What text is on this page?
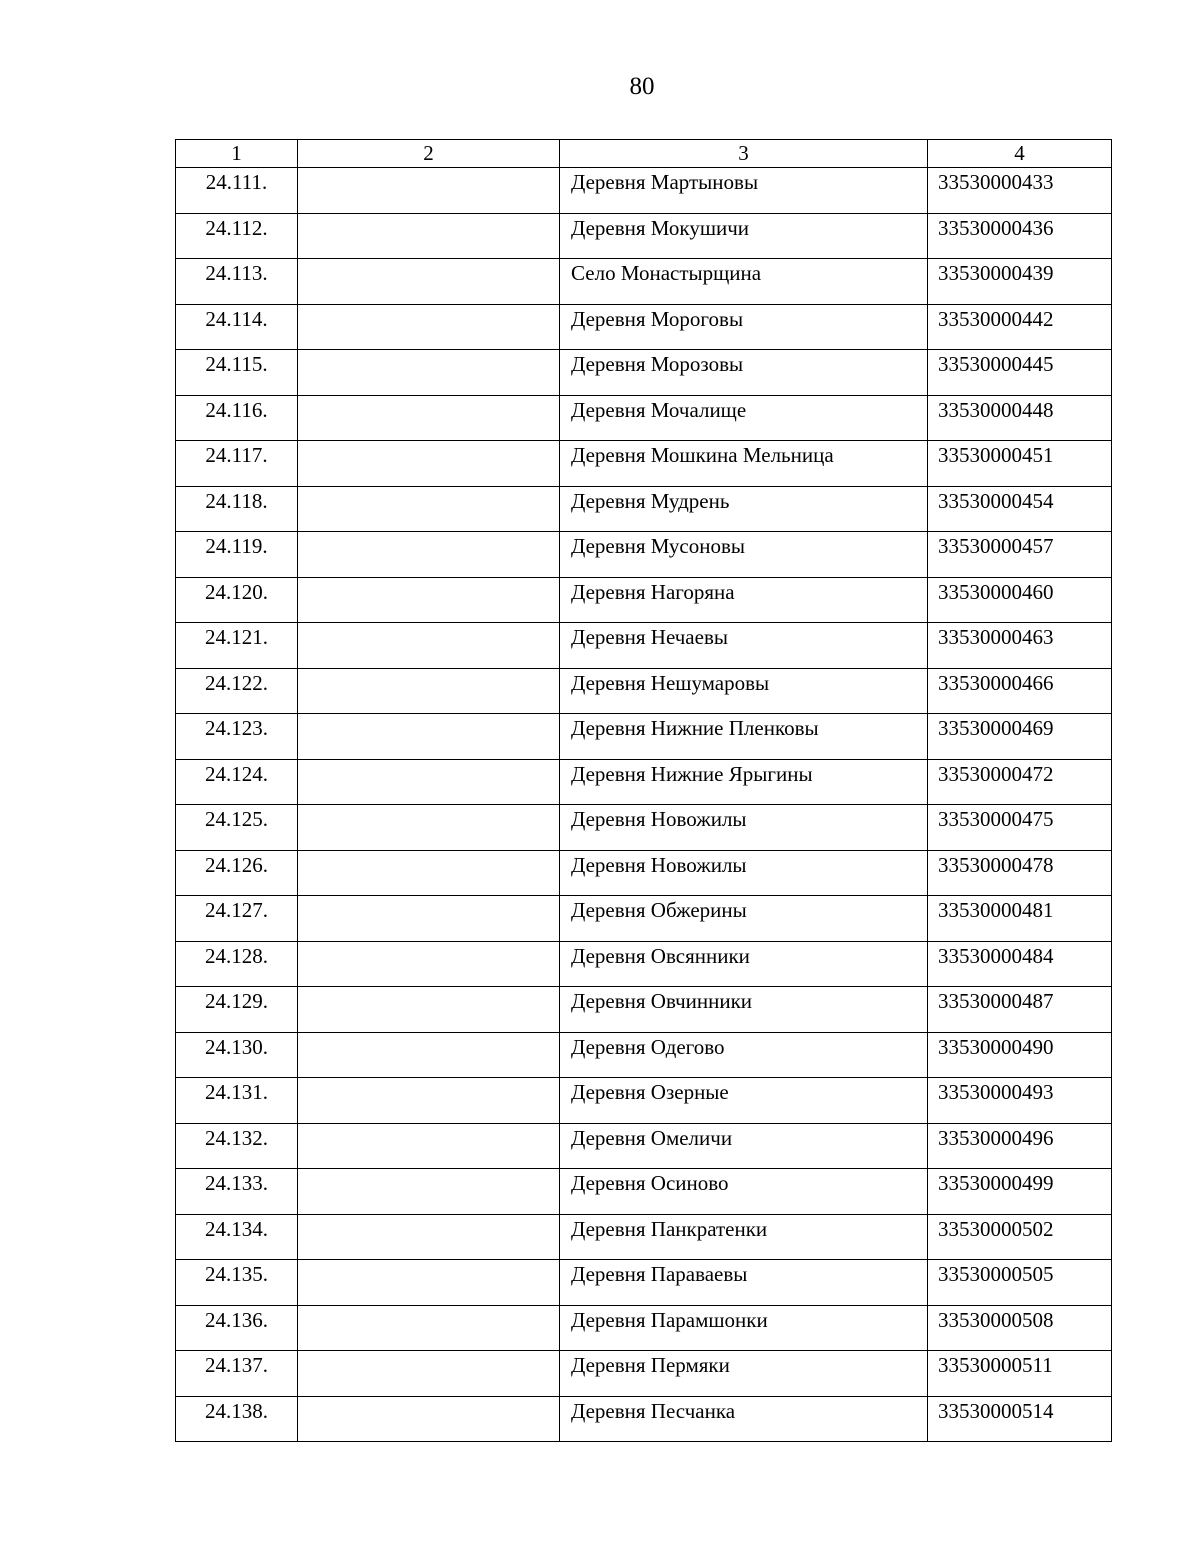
80
1	2	3	4
24.111.		Деревня Мартыновы	33530000433
24.112.		Деревня Мокушичи	33530000436
24.113.		Село Монастырщина	33530000439
24.114.		Деревня Мороговы	33530000442
24.115.		Деревня Морозовы	33530000445
24.116.		Деревня Мочалище	33530000448
24.117.		Деревня Мошкина Мельница	33530000451
24.118.		Деревня Мудрень	33530000454
24.119.		Деревня Мусоновы	33530000457
24.120.		Деревня Нагоряна	33530000460
24.121.		Деревня Нечаевы	33530000463
24.122.		Деревня Нешумаровы	33530000466
24.123.		Деревня Нижние Пленковы	33530000469
24.124.		Деревня Нижние Ярыгины	33530000472
24.125.		Деревня Новожилы	33530000475
24.126.		Деревня Новожилы	33530000478
24.127.		Деревня Обжерины	33530000481
24.128.		Деревня Овсянники	33530000484
24.129.		Деревня Овчинники	33530000487
24.130.		Деревня Одегово	33530000490
24.131.		Деревня Озерные	33530000493
24.132.		Деревня Омеличи	33530000496
24.133.		Деревня Осиново	33530000499
24.134.		Деревня Панкратенки	33530000502
24.135.		Деревня Параваевы	33530000505
24.136.		Деревня Парамшонки	33530000508
24.137.		Деревня Пермяки	33530000511
24.138.		Деревня Песчанка	33530000514
